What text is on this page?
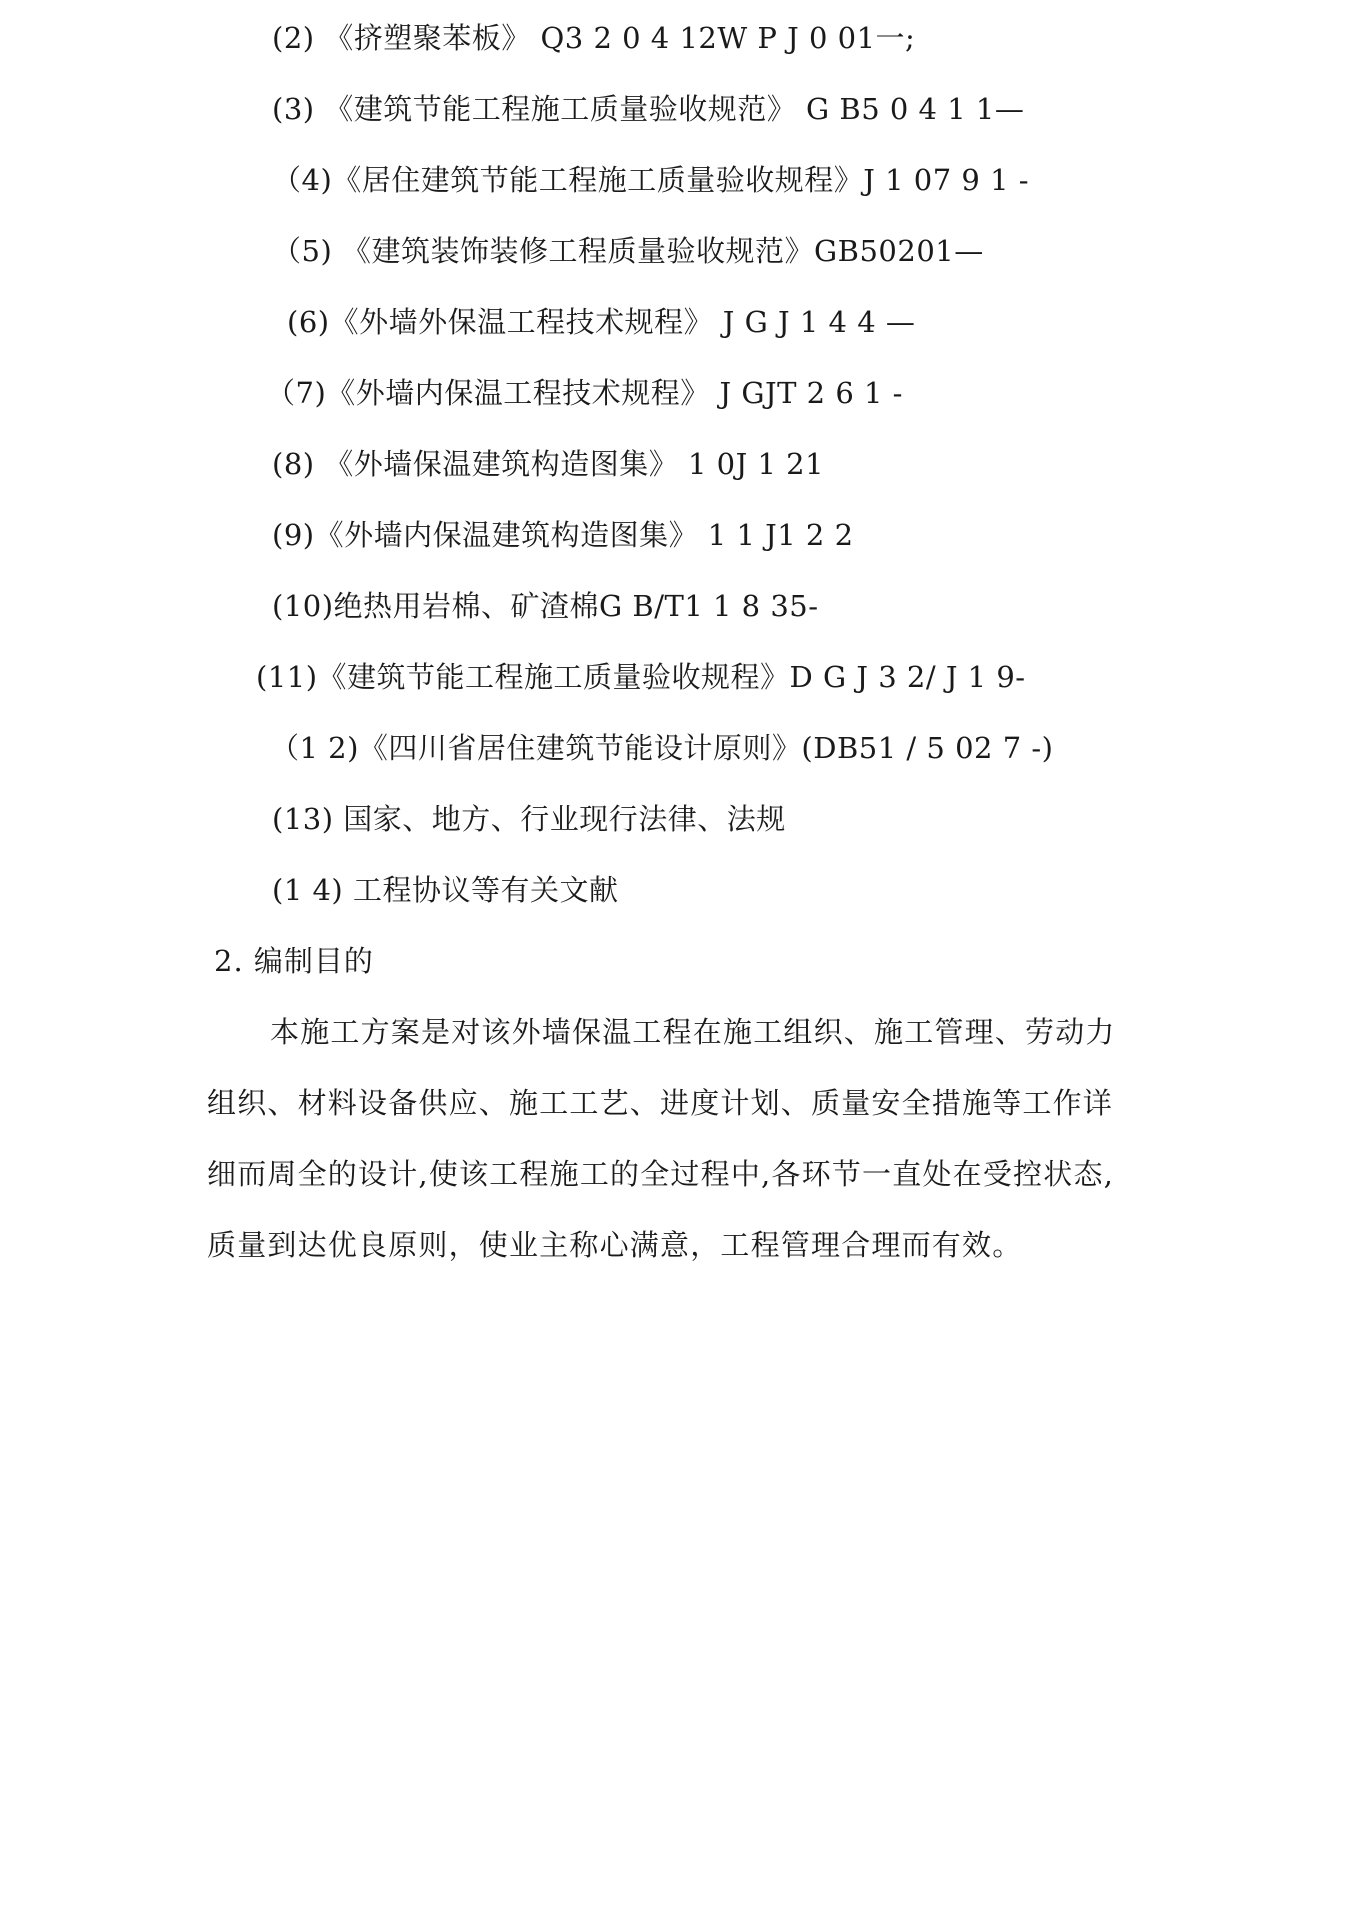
(2) 《挤塑聚苯板》 Q3 2 0 4 12W P J 0 01一;
(3) 《建筑节能工程施工质量验收规范》 G B5 0 4 1 1—
（4)《居住建筑节能工程施工质量验收规程》J 1 07 9 1 -
（5) 《建筑装饰装修工程质量验收规范》GB50201—
(6)《外墙外保温工程技术规程》 J G J 1 4 4 —
（7)《外墙内保温工程技术规程》 J GJT 2 6 1 -
(8) 《外墙保温建筑构造图集》 1 0J 1 21
(9)《外墙内保温建筑构造图集》 1 1 J1 2 2
(10)绝热用岩棉、矿渣棉G B/T1 1 8 35-
(11)《建筑节能工程施工质量验收规程》D G J 3 2/ J 1 9-
（1 2)《四川省居住建筑节能设计原则》(DB51 / 5 02 7 -)
(13) 国家、地方、行业现行法律、法规
(1 4) 工程协议等有关文献
2. 编制目的
本施工方案是对该外墙保温工程在施工组织、施工管理、劳动力
组织、材料设备供应、施工工艺、进度计划、质量安全措施等工作详
细而周全的设计,使该工程施工的全过程中,各环节一直处在受控状态,
质量到达优良原则，使业主称心满意，工程管理合理而有效。
